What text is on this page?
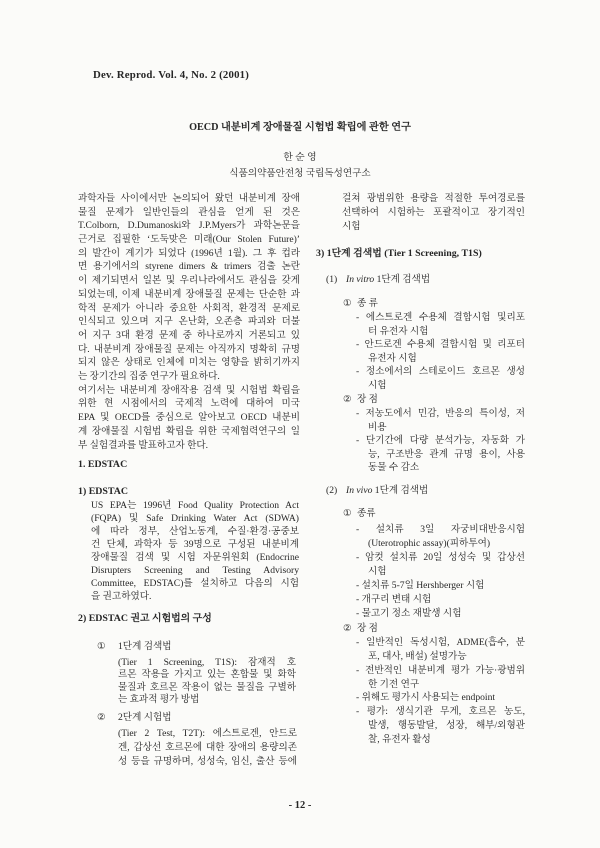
Dev. Reprod. Vol. 4, No. 2 (2001)
OECD 내분비계 장애물질 시험법 확립에 관한 연구
한 순 영
식품의약품안전청 국립독성연구소
과학자들 사이에서만 논의되어 왔던 내분비계 장애
물질 문제가 일반인들의 관심을 얻게 된 것은
T.Colborn, D.Dumanoski와 J.P.Myers가 과학논문을
근거로 집필한 ‘도둑맞은 미래(Our Stolen Future)’
의 발간이 계기가 되었다 (1996년 1월). 그 후 컵라
면 용기에서의 styrene dimers & trimers 검출 논란
이 제기되면서 일본 및 우리나라에서도 관심을 갖게
되었는데, 이제 내분비계 장애물질 문제는 단순한 과
학적 문제가 아니라 중요한 사회적, 환경적 문제로
인식되고 있으며 지구 온난화, 오존층 파괴와 더불
어 지구 3대 환경 문제 중 하나로까지 거론되고 있
다. 내분비계 장애물질 문제는 아직까지 명확히 규명
되지 않은 상태로 인체에 미치는 영향을 밝히기까지
는 장기간의 집중 연구가 필요하다.
여기서는 내분비계 장애작용 검색 및 시험법 확립을
위한 현 시점에서의 국제적 노력에 대하여 미국
EPA 및 OECD를 중심으로 알아보고 OECD 내분비
계 장애물질 시험법 확립을 위한 국제협력연구의 일
부 실험결과를 발표하고자 한다.
1. EDSTAC
1) EDSTAC
US EPA는 1996년 Food Quality Protection Act
(FQPA) 및 Safe Drinking Water Act (SDWA)
에 따라 정부, 산업노동계, 수질·환경·공중보
건 단체, 과학자 등 39명으로 구성된 내분비계
장애물질 검색 및 시험 자문위원회 (Endocrine
Disrupters Screening and Testing Advisory
Committee, EDSTAC)를 설치하고 다음의 시험
을 권고하였다.
2) EDSTAC 권고 시험법의 구성
① 1단계 검색법
(Tier 1 Screening, T1S): 잠재적 호
르몬 작용을 가지고 있는 혼합물 및 화학
물질과 호르몬 작용이 없는 물질을 구별하
는 효과적 평가 방법
② 2단계 시험법
(Tier 2 Test, T2T): 에스트로겐, 안드로
겐, 갑상선 호르몬에 대한 장애의 용량의존
성 등을 규명하며, 성성숙, 임신, 출산 등에
걸쳐 광범위한 용량을 적절한 투여경로를
선택하여 시험하는 포괄적이고 장기적인
시험
3) 1단계 검색법 (Tier 1 Screening, T1S)
(1) In vitro 1단계 검색법
① 종 류
- 에스트로겐 수용체 결합시험 및리포
터 유전자 시험
- 안드로겐 수용체 결합시험 및 리포터
유전자 시험
- 정소에서의 스테로이드 호르몬 생성
시험
② 장 점
- 저농도에서 민감, 반응의 특이성, 저
비용
- 단기간에 다량 분석가능, 자동화 가
능, 구조반응 관계 규명 용이, 사용
동물 수 감소
(2) In vivo 1단계 검색법
① 종류
- 설치류 3일 자궁비대반응시험
(Uterotrophic assay)(피하투여)
- 암컷 설치류 20일 성성숙 및 갑상선
시험
- 설치류 5-7일 Hershberger 시험
- 개구리 변태 시험
- 물고기 정소 재발생 시험
② 장 점
- 일반적인 독성시험, ADME(흡수, 분
포, 대사, 배설) 설명가능
- 전반적인 내분비계 평가 가능·광범위
한 기전 연구
- 위해도 평가시 사용되는 endpoint
- 평가: 생식기관 무게, 호르몬 농도,
발생, 행동발달, 성장, 해부/외형관
찰, 유전자 활성
- 12 -
